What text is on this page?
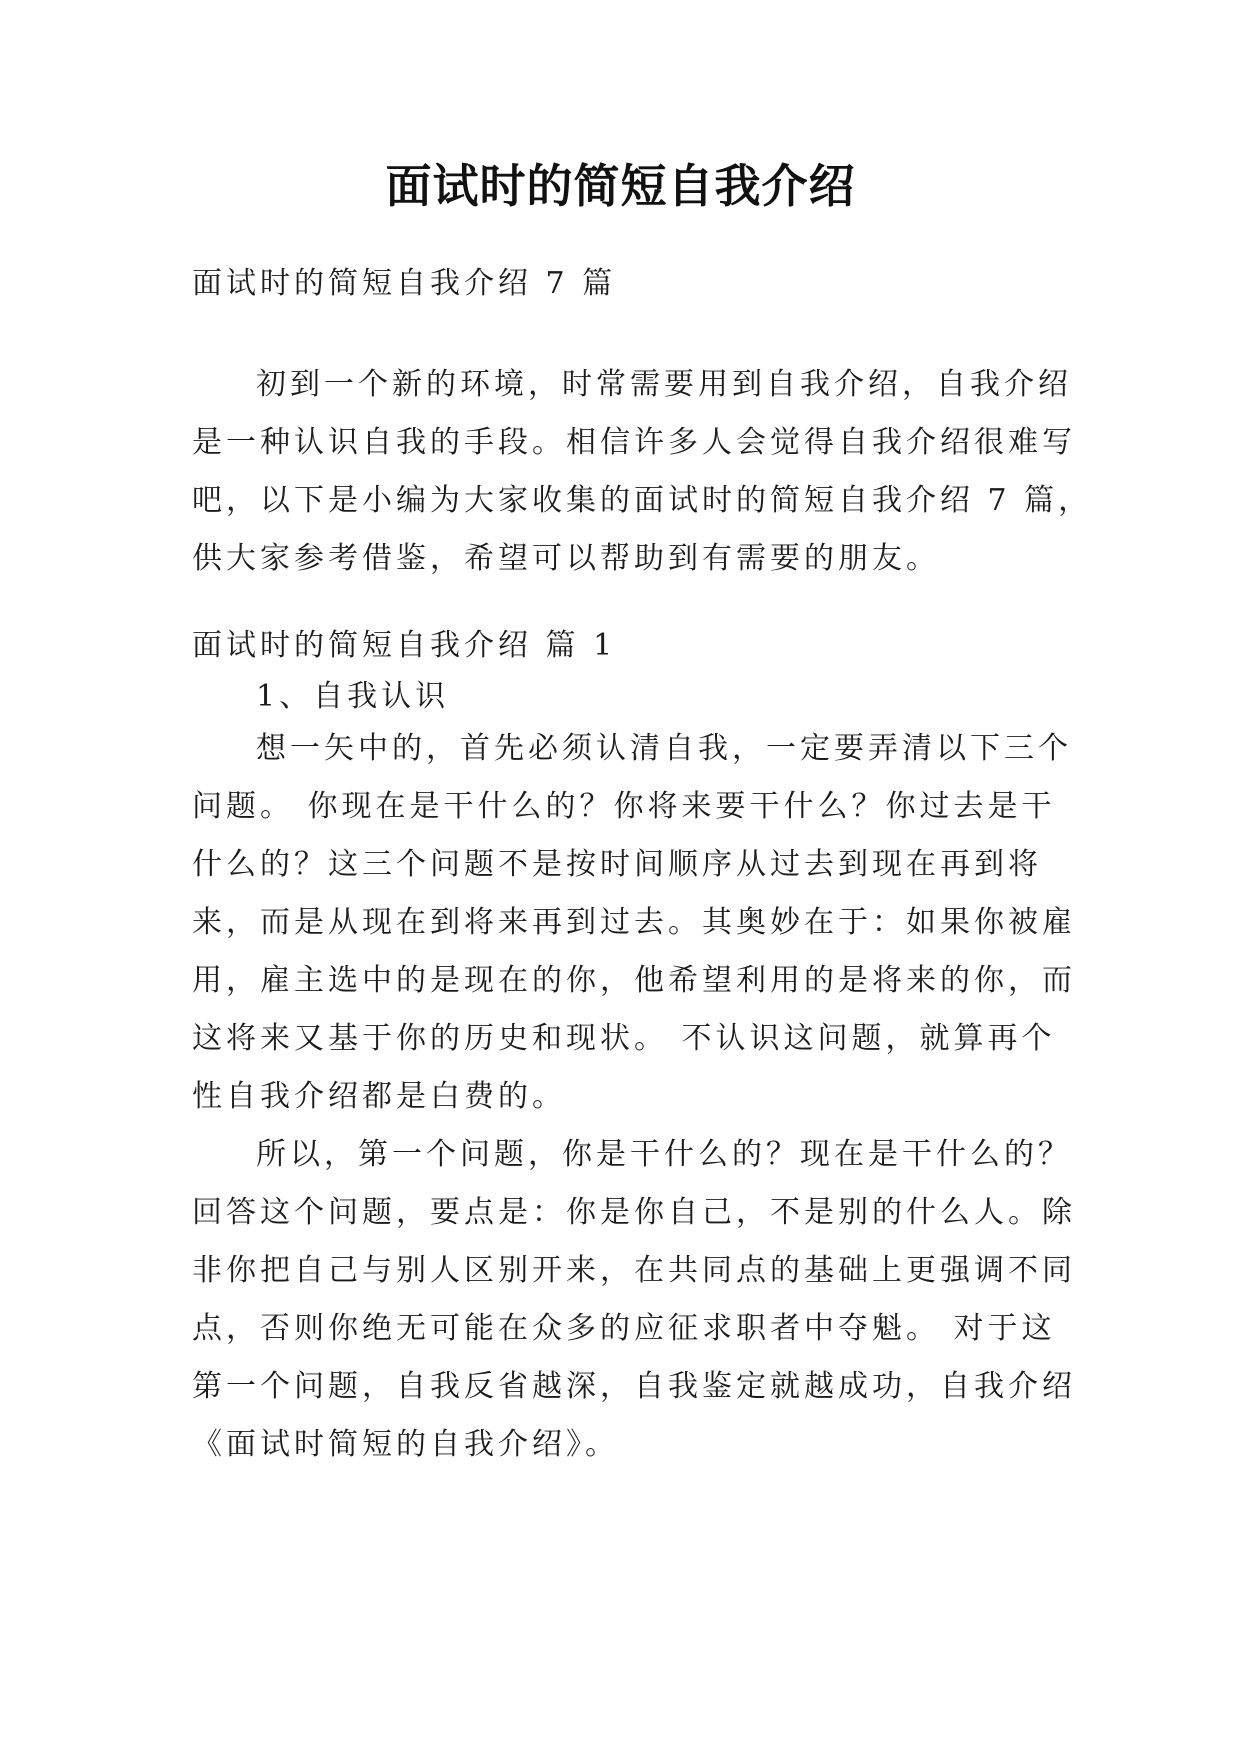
面试时的简短自我介绍
面试时的简短自我介绍 7 篇
初到一个新的环境，时常需要用到自我介绍，自我介绍
是一种认识自我的手段。相信许多人会觉得自我介绍很难写
吧，以下是小编为大家收集的面试时的简短自我介绍 7 篇，
供大家参考借鉴，希望可以帮助到有需要的朋友。
面试时的简短自我介绍 篇 1
1、自我认识
想一矢中的，首先必须认清自我，一定要弄清以下三个
问题。 你现在是干什么的？你将来要干什么？你过去是干
什么的？这三个问题不是按时间顺序从过去到现在再到将
来，而是从现在到将来再到过去。其奥妙在于：如果你被雇
用，雇主选中的是现在的你，他希望利用的是将来的你，而
这将来又基于你的历史和现状。 不认识这问题，就算再个
性自我介绍都是白费的。
所以，第一个问题，你是干什么的？现在是干什么的？
回答这个问题，要点是：你是你自己，不是别的什么人。除
非你把自己与别人区别开来，在共同点的基础上更强调不同
点，否则你绝无可能在众多的应征求职者中夺魁。 对于这
第一个问题，自我反省越深，自我鉴定就越成功，自我介绍
《面试时简短的自我介绍》。
